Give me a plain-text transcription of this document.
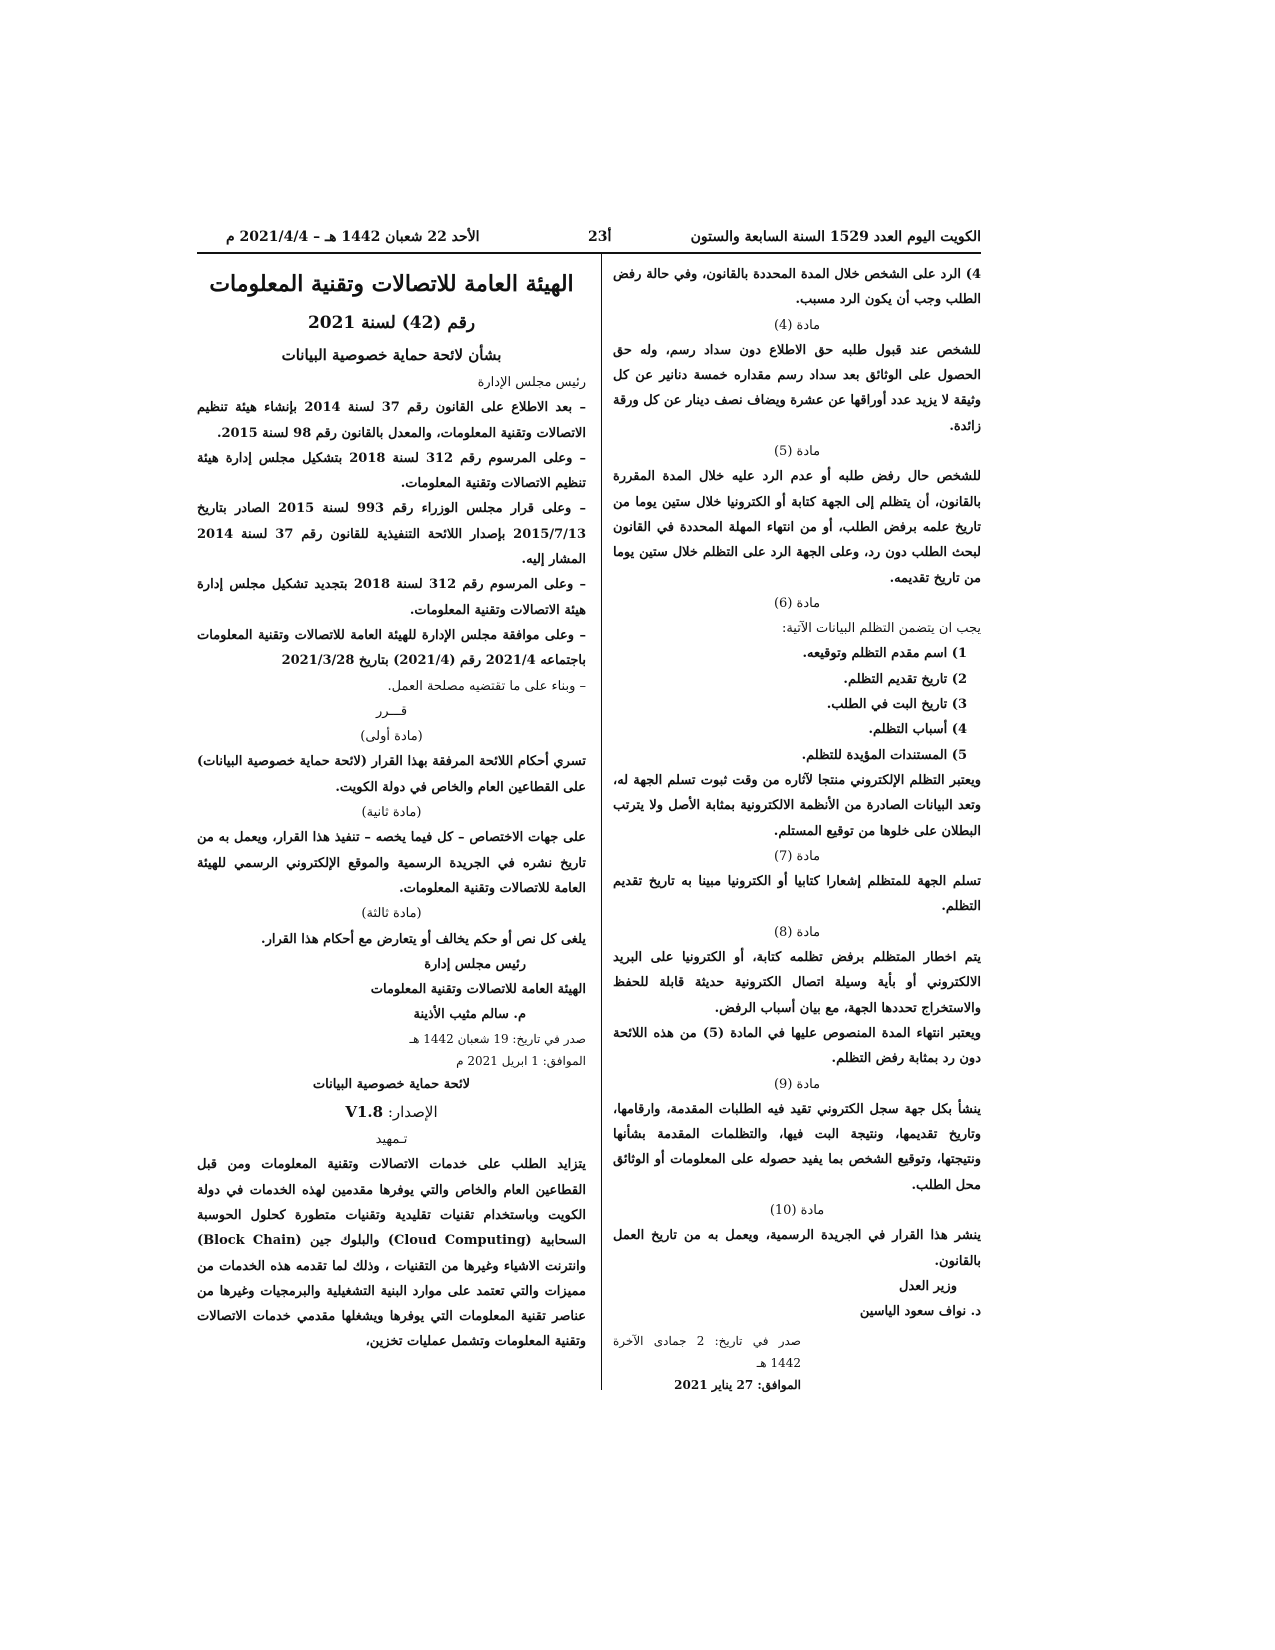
الكويت اليوم العدد 1529 السنة السابعة والستون
23أ
الأحد 22 شعبان 1442 هـ – 2021/4/4 م

4) الرد على الشخص خلال المدة المحددة بالقانون، وفي حالة رفض الطلب وجب أن يكون الرد مسبب.

مادة (4)

للشخص عند قبول طلبه حق الاطلاع دون سداد رسم، وله حق الحصول على الوثائق بعد سداد رسم مقداره خمسة دنانير عن كل وثيقة لا يزيد عدد أوراقها عن عشرة ويضاف نصف دينار عن كل ورقة زائدة.

مادة (5)

للشخص حال رفض طلبه أو عدم الرد عليه خلال المدة المقررة بالقانون، أن يتظلم إلى الجهة كتابة أو الكترونيا خلال ستين يوما من تاريخ علمه برفض الطلب، أو من انتهاء المهلة المحددة في القانون لبحث الطلب دون رد، وعلى الجهة الرد على التظلم خلال ستين يوما من تاريخ تقديمه.

مادة (6)

يجب ان يتضمن التظلم البيانات الآتية:

1) اسم مقدم التظلم وتوقيعه.

2) تاريخ تقديم التظلم.

3) تاريخ البت في الطلب.

4) أسباب التظلم.

5) المستندات المؤيدة للتظلم.

ويعتبر التظلم الإلكتروني منتجا لآثاره من وقت ثبوت تسلم الجهة له، وتعد البيانات الصادرة من الأنظمة الالكترونية بمثابة الأصل ولا يترتب البطلان على خلوها من توقيع المستلم.

مادة (7)

تسلم الجهة للمتظلم إشعارا كتابيا أو الكترونيا مبينا به تاريخ تقديم التظلم.

مادة (8)

يتم اخطار المتظلم برفض تظلمه كتابة، أو الكترونيا على البريد الالكتروني أو بأية وسيلة اتصال الكترونية حديثة قابلة للحفظ والاستخراج تحددها الجهة، مع بيان أسباب الرفض.

ويعتبر انتهاء المدة المنصوص عليها في المادة (5) من هذه اللائحة دون رد بمثابة رفض التظلم.

مادة (9)

ينشأ بكل جهة سجل الكتروني تقيد فيه الطلبات المقدمة، وارقامها، وتاريخ تقديمها، ونتيجة البت فيها، والتظلمات المقدمة بشأنها ونتيجتها، وتوقيع الشخص بما يفيد حصوله على المعلومات أو الوثائق محل الطلب.

مادة (10)

ينشر هذا القرار في الجريدة الرسمية، ويعمل به من تاريخ العمل بالقانون.

وزير العدل

د. نواف سعود الياسين

صدر في تاريخ: 2 جمادى الآخرة 1442 هـ

الموافق: 27 يناير 2021

الهيئة العامة للاتصالات وتقنية المعلومات

رقم (42) لسنة 2021

بشأن لائحة حماية خصوصية البيانات

رئيس مجلس الإدارة

– بعد الاطلاع على القانون رقم 37 لسنة 2014 بإنشاء هيئة تنظيم الاتصالات وتقنية المعلومات، والمعدل بالقانون رقم 98 لسنة 2015.

– وعلى المرسوم رقم 312 لسنة 2018 بتشكيل مجلس إدارة هيئة تنظيم الاتصالات وتقنية المعلومات.

– وعلى قرار مجلس الوزراء رقم 993 لسنة 2015 الصادر بتاريخ 2015/7/13 بإصدار اللائحة التنفيذية للقانون رقم 37 لسنة 2014 المشار إليه.

– وعلى المرسوم رقم 312 لسنة 2018 بتجديد تشكيل مجلس إدارة هيئة الاتصالات وتقنية المعلومات.

– وعلى موافقة مجلس الإدارة للهيئة العامة للاتصالات وتقنية المعلومات باجتماعه 2021/4 رقم (2021/4) بتاريخ 2021/3/28

– وبناء على ما تقتضيه مصلحة العمل.

قـــرر

(مادة أولى)

تسري أحكام اللائحة المرفقة بهذا القرار (لائحة حماية خصوصية البيانات) على القطاعين العام والخاص في دولة الكويت.

(مادة ثانية)

على جهات الاختصاص – كل فيما يخصه – تنفيذ هذا القرار، ويعمل به من تاريخ نشره في الجريدة الرسمية والموقع الإلكتروني الرسمي للهيئة العامة للاتصالات وتقنية المعلومات.

(مادة ثالثة)

يلغى كل نص أو حكم يخالف أو يتعارض مع أحكام هذا القرار.

رئيس مجلس إدارة

الهيئة العامة للاتصالات وتقنية المعلومات

م. سالم مثيب الأذينة

صدر في تاريخ: 19 شعبان 1442 هـ

الموافق: 1 ابريل 2021 م

لائحة حماية خصوصية البيانات

الإصدار: V1.8

تـمهيد

يتزايد الطلب على خدمات الاتصالات وتقنية المعلومات ومن قبل القطاعين العام والخاص والتي يوفرها مقدمين لهذه الخدمات في دولة الكويت وباستخدام تقنيات تقليدية وتقنيات متطورة كحلول الحوسبة السحابية (Cloud Computing) والبلوك جين (Block Chain) وانترنت الاشياء وغيرها من التقنيات ، وذلك لما تقدمه هذه الخدمات من مميزات والتي تعتمد على موارد البنية التشغيلية والبرمجيات وغيرها من عناصر تقنية المعلومات التي يوفرها ويشغلها مقدمي خدمات الاتصالات وتقنية المعلومات وتشمل عمليات تخزين،
